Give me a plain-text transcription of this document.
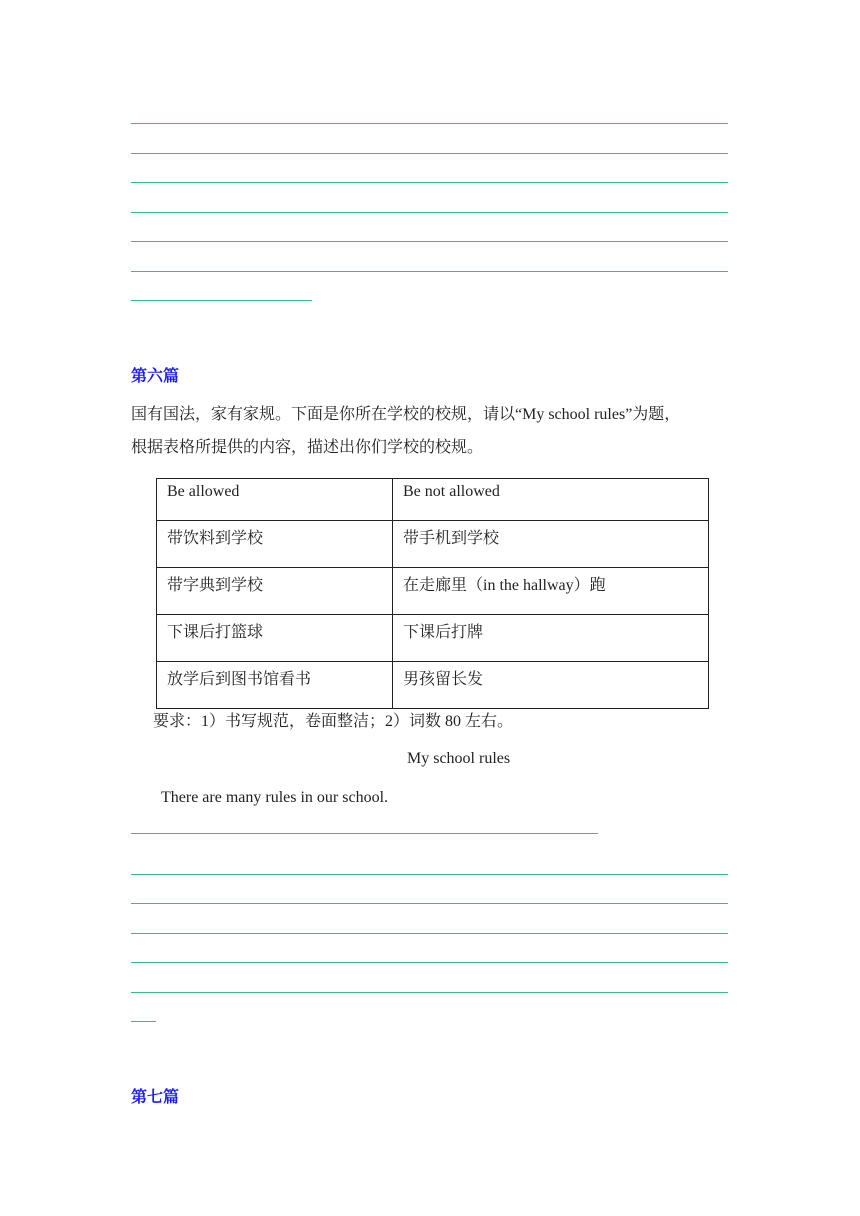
第六篇
国有国法，家有家规。下面是你所在学校的校规，请以“My school rules”为题，
根据表格所提供的内容，描述出你们学校的校规。
Be allowed	Be not allowed
带饮料到学校	带手机到学校
带字典到学校	在走廊里（in the hallway）跑
下课后打篮球	下课后打牌
放学后到图书馆看书	男孩留长发
要求：1）书写规范，卷面整洁；2）词数 80 左右。
My school rules
There are many rules in our school.
第七篇
